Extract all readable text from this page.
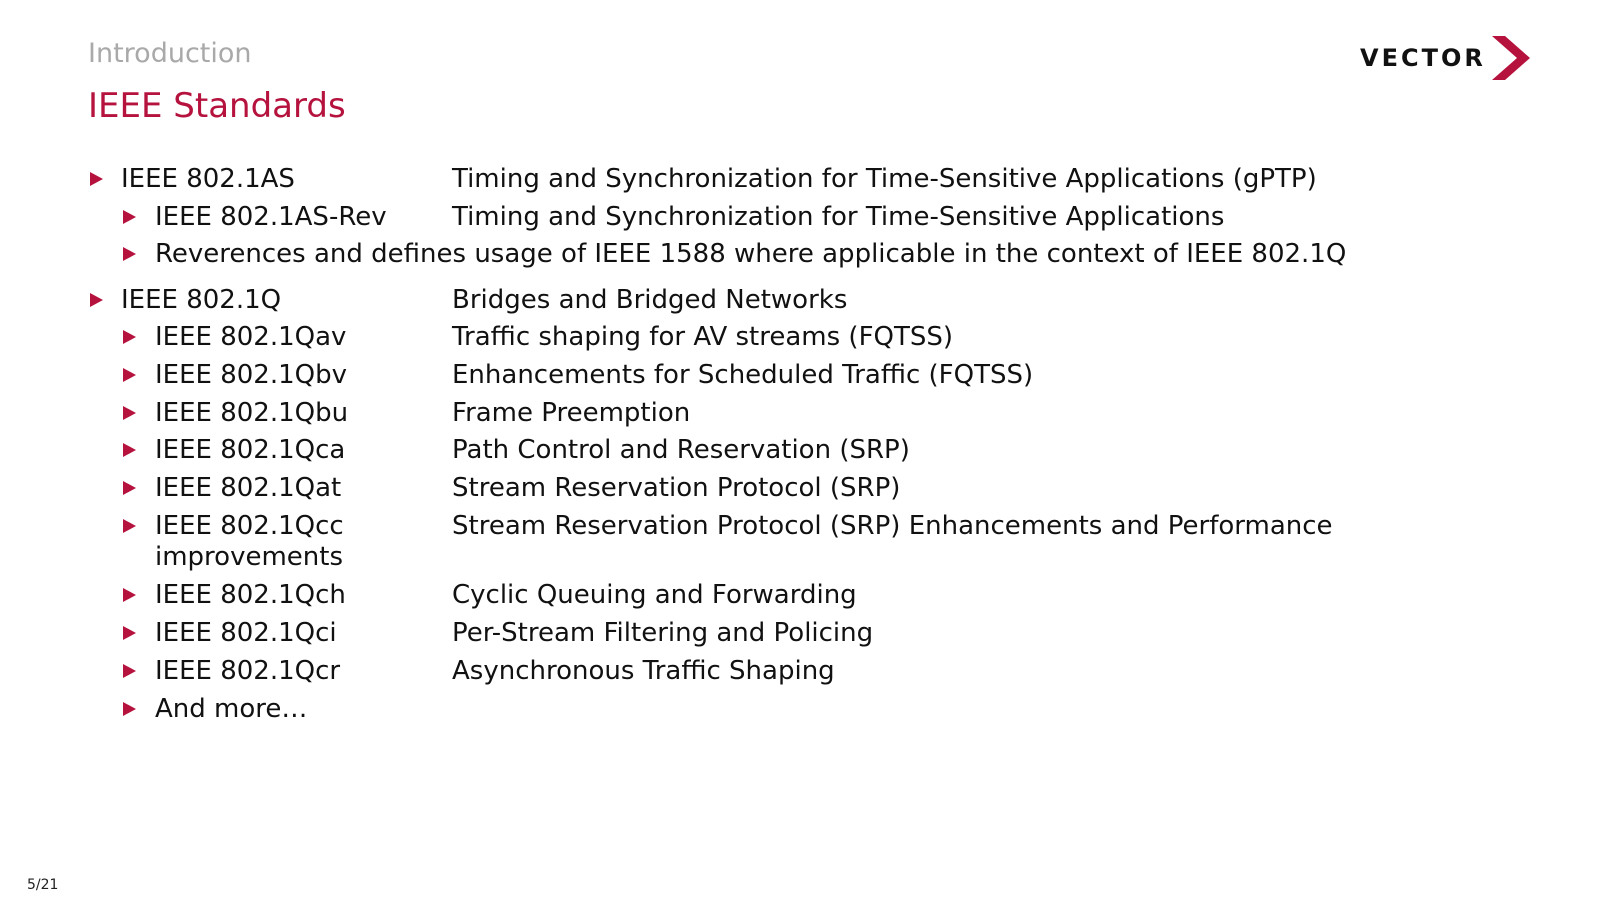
Introduction
IEEE Standards
VECTOR
IEEE 802.1AS	Timing and Synchronization for Time-Sensitive Applications (gPTP)
IEEE 802.1AS-Rev	Timing and Synchronization for Time-Sensitive Applications
Reverences and defines usage of IEEE 1588 where applicable in the context of IEEE 802.1Q
IEEE 802.1Q	Bridges and Bridged Networks
IEEE 802.1Qav	Traffic shaping for AV streams (FQTSS)
IEEE 802.1Qbv	Enhancements for Scheduled Traffic (FQTSS)
IEEE 802.1Qbu	Frame Preemption
IEEE 802.1Qca	Path Control and Reservation (SRP)
IEEE 802.1Qat	Stream Reservation Protocol (SRP)
IEEE 802.1Qcc	Stream Reservation Protocol (SRP) Enhancements and Performance
improvements
IEEE 802.1Qch	Cyclic Queuing and Forwarding
IEEE 802.1Qci	Per-Stream Filtering and Policing
IEEE 802.1Qcr	Asynchronous Traffic Shaping
And more…
5/21
